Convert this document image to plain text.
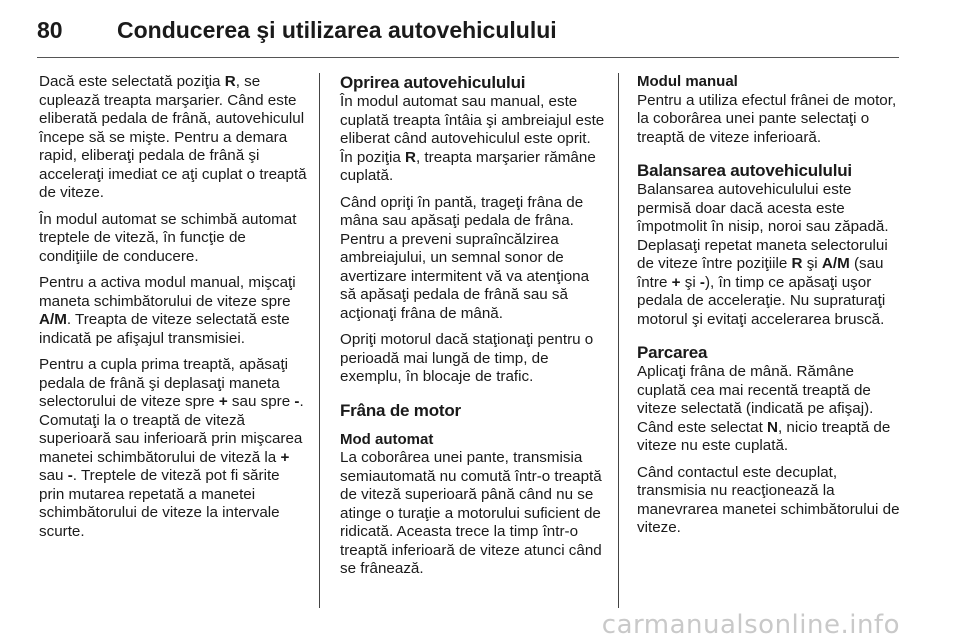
80	Conducerea şi utilizarea autovehiculului

Dacă este selectată poziţia R, se cuplează treapta marşarier. Când este eliberată pedala de frână, autovehiculul începe să se mişte. Pentru a demara rapid, eliberaţi pedala de frână şi acceleraţi imediat ce aţi cuplat o treaptă de viteze.

În modul automat se schimbă automat treptele de viteză, în funcţie de condiţiile de conducere.

Pentru a activa modul manual, mişcaţi maneta schimbătorului de viteze spre A/M. Treapta de viteze selectată este indicată pe afişajul transmisiei.

Pentru a cupla prima treaptă, apăsaţi pedala de frână şi deplasaţi maneta selectorului de viteze spre + sau spre -. Comutaţi la o treaptă de viteză superioară sau inferioară prin mişcarea manetei schimbătorului de viteză la + sau -. Treptele de viteză pot fi sărite prin mutarea repetată a manetei schimbătorului de viteze la intervale scurte.

Oprirea autovehiculului

În modul automat sau manual, este cuplată treapta întâia şi ambreiajul este eliberat când autovehiculul este oprit. În poziţia R, treapta marşarier rămâne cuplată.

Când opriţi în pantă, trageţi frâna de mâna sau apăsaţi pedala de frâna. Pentru a preveni supraîncălzirea ambreiajului, un semnal sonor de avertizare intermitent vă va atenţiona să apăsaţi pedala de frână sau să acţionaţi frâna de mână.

Opriţi motorul dacă staţionaţi pentru o perioadă mai lungă de timp, de exemplu, în blocaje de trafic.

Frâna de motor
Mod automat

La coborârea unei pante, transmisia semiautomată nu comută într-o treaptă de viteză superioară până când nu se atinge o turaţie a motorului suficient de ridicată. Aceasta trece la timp într-o treaptă inferioară de viteze atunci când se frânează.

Modul manual

Pentru a utiliza efectul frânei de motor, la coborârea unei pante selectaţi o treaptă de viteze inferioară.

Balansarea autovehiculului

Balansarea autovehiculului este permisă doar dacă acesta este împotmolit în nisip, noroi sau zăpadă. Deplasaţi repetat maneta selectorului de viteze între poziţiile R şi A/M (sau între + şi -), în timp ce apăsaţi uşor pedala de acceleraţie. Nu supraturaţi motorul şi evitaţi accelerarea bruscă.

Parcarea

Aplicaţi frâna de mână. Rămâne cuplată cea mai recentă treaptă de viteze selectată (indicată pe afişaj). Când este selectat N, nicio treaptă de viteze nu este cuplată.

Când contactul este decuplat, transmisia nu reacţionează la manevrarea manetei schimbătorului de viteze.

carmanualsonline.info
